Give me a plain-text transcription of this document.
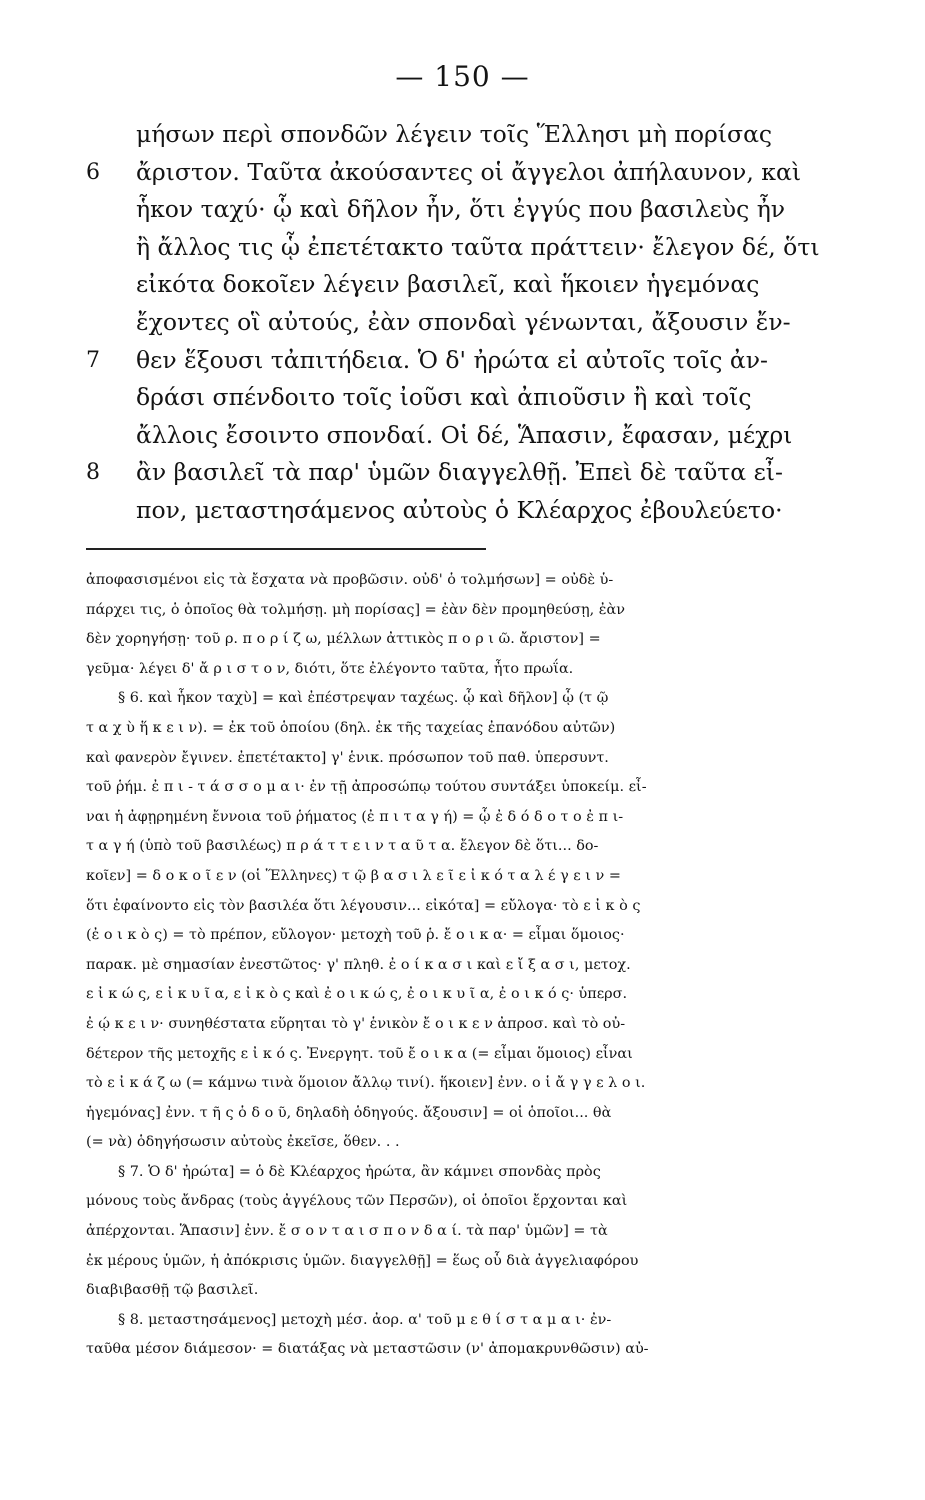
— 150 —
μήσων περὶ σπονδῶν λέγειν τοῖς Ἕλλησι μὴ πορίσας
6 ἄριστον. Ταῦτα ἀκούσαντες οἱ ἄγγελοι ἀπήλαυνον, καὶ
ἧκον ταχύ· ᾧ καὶ δῆλον ἦν, ὅτι ἐγγύς που βασιλεὺς ἦν
ἢ ἄλλος τις ᾧ ἐπετέτακτο ταῦτα πράττειν· ἔλεγον δέ, ὅτι
εἰκότα δοκοῖεν λέγειν βασιλεῖ, καὶ ἥκοιεν ἡγεμόνας
ἔχοντες οἳ αὐτούς, ἐὰν σπονδαὶ γένωνται, ἄξουσιν ἔν-
7 θεν ἕξουσι τἀπιτήδεια. Ὁ δ' ἠρώτα εἰ αὐτοῖς τοῖς ἀν-
δράσι σπένδοιτο τοῖς ἰοῦσι καὶ ἀπιοῦσιν ἢ καὶ τοῖς
ἄλλοις ἔσοιντο σπονδαί. Οἱ δέ, Ἅπασιν, ἔφασαν, μέχρι
8 ἂν βασιλεῖ τὰ παρ' ὑμῶν διαγγελθῇ. Ἐπεὶ δὲ ταῦτα εἶ-
πον, μεταστησάμενος αὐτοὺς ὁ Κλέαρχος ἐβουλεύετο·
ἀποφασισμένοι εἰς τὰ ἔσχατα νὰ προβῶσιν. οὐδ' ὁ τολμήσων] = οὐδὲ ὑ-
πάρχει τις, ὁ ὁποῖος θὰ τολμήσῃ. μὴ πορίσας] = ἐὰν δὲν προμηθεύσῃ, ἐὰν
δὲν χορηγήσῃ· τοῦ ρ. π ο ρ ί ζ ω, μέλλων ἀττικὸς π ο ρ ι ῶ. ἄριστον] =
γεῦμα· λέγει δ' ἄ ρ ι σ τ ο ν, διότι, ὅτε ἐλέγοντο ταῦτα, ἦτο πρωΐα.
§ 6. καὶ ἧκον ταχὺ] = καὶ ἐπέστρεψαν ταχέως. ᾧ καὶ δῆλον] ᾧ (τ ῷ
τ α χ ὺ ἥ κ ε ι ν). = ἐκ τοῦ ὁποίου (δηλ. ἐκ τῆς ταχείας ἐπανόδου αὐτῶν)
καὶ φανερὸν ἔγινεν. ἐπετέτακτο] γ' ἑνικ. πρόσωπον τοῦ παθ. ὑπερσυντ.
τοῦ ῥήμ. ἐ π ι - τ ά σ σ ο μ α ι· ἐν τῇ ἀπροσώπῳ τούτου συντάξει ὑποκείμ. εἶ-
ναι ἡ ἀφῃρημένη ἔννοια τοῦ ῥήματος (ἐ π ι τ α γ ή) = ᾧ ἐ δ ό δ ο τ ο ἐ π ι-
τ α γ ή (ὑπὸ τοῦ βασιλέως) π ρ ά τ τ ε ι ν τ α ῦ τ α. ἔλεγον δὲ ὅτι... δο-
κοῖεν] = δ ο κ ο ῖ ε ν (οἱ Ἕλληνες) τ ῷ β α σ ι λ ε ῖ ε ἰ κ ό τ α λ έ γ ε ι ν =
ὅτι ἐφαίνοντο εἰς τὸν βασιλέα ὅτι λέγουσιν... εἰκότα] = εὔλογα· τὸ ε ἰ κ ὸ ς
(ἐ ο ι κ ὸ ς) = τὸ πρέπον, εὔλογον· μετοχὴ τοῦ ῥ. ἔ ο ι κ α· = εἶμαι ὅμοιος·
παρακ. μὲ σημασίαν ἐνεστῶτος· γ' πληθ. ἐ ο ί κ α σ ι καὶ ε ἴ ξ α σ ι, μετοχ.
ε ἰ κ ώ ς, ε ἰ κ υ ῖ α, ε ἰ κ ὸ ς καὶ ἐ ο ι κ ώ ς, ἐ ο ι κ υ ῖ α, ἐ ο ι κ ό ς· ὑπερσ.
ἐ ῴ κ ε ι ν· συνηθέστατα εὕρηται τὸ γ' ἑνικὸν ἔ ο ι κ ε ν ἀπροσ. καὶ τὸ οὐ-
δέτερον τῆς μετοχῆς ε ἰ κ ό ς. Ἐνεργητ. τοῦ ἔ ο ι κ α (= εἶμαι ὅμοιος) εἶναι
τὸ ε ἰ κ ά ζ ω (= κάμνω τινὰ ὅμοιον ἄλλῳ τινί). ἥκοιεν] ἐνν. ο ἱ ἄ γ γ ε λ ο ι.
ἡγεμόνας] ἐνν. τ ῆ ς ὁ δ ο ῦ, δηλαδὴ ὁδηγούς. ἄξουσιν] = οἱ ὁποῖοι... θὰ
(= νὰ) ὁδηγήσωσιν αὐτοὺς ἐκεῖσε, ὅθεν. . .
§ 7. Ὁ δ' ἠρώτα] = ὁ δὲ Κλέαρχος ἠρώτα, ἂν κάμνει σπονδὰς πρὸς
μόνους τοὺς ἄνδρας (τοὺς ἀγγέλους τῶν Περσῶν), οἱ ὁποῖοι ἔρχονται καὶ
ἀπέρχονται. Ἅπασιν] ἐνν. ἔ σ ο ν τ α ι σ π ο ν δ α ί. τὰ παρ' ὑμῶν] = τὰ
ἐκ μέρους ὑμῶν, ἡ ἀπόκρισις ὑμῶν. διαγγελθῇ] = ἕως οὗ διὰ ἀγγελιαφόρου
διαβιβασθῇ τῷ βασιλεῖ.
§ 8. μεταστησάμενος] μετοχὴ μέσ. ἀορ. α' τοῦ μ ε θ ί σ τ α μ α ι· ἐν-
ταῦθα μέσον διάμεσον· = διατάξας νὰ μεταστῶσιν (ν' ἀπομακρυνθῶσιν) αὐ-
